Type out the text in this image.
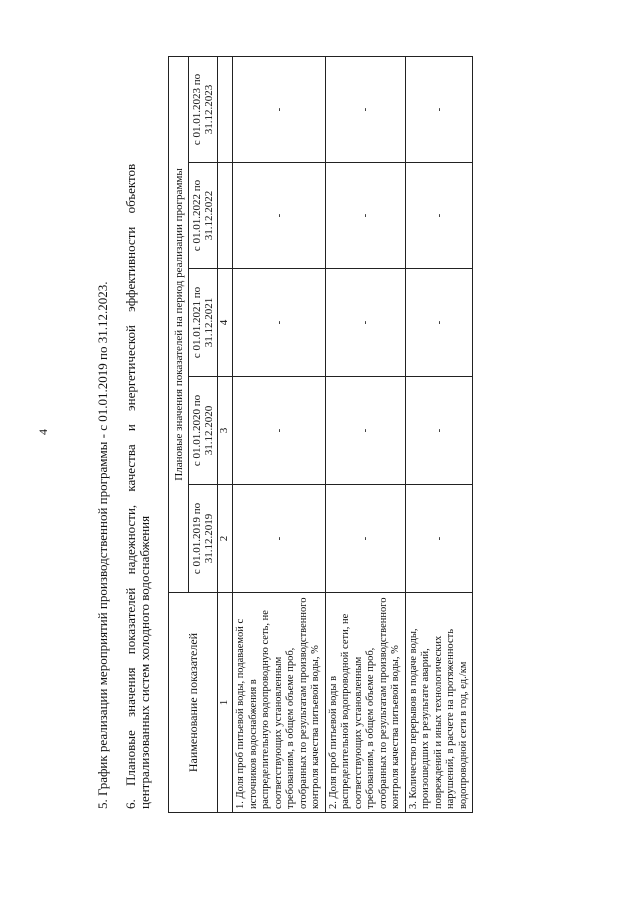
4	5. График реализации мероприятий производственной программы - с 01.01.2019 по 31.12.2023. 6. Плановые значения показателей надежности, качества и энергетической эффективности объектов централизованных систем холодного водоснабжения	Наименование показателей	Плановые значения показателей на период реализации программы				
	с 01.01.2019 по 31.12.2019	с 01.01.2020 по 31.12.2020	с 01.01.2021 по 31.12.2021	с 01.01.2022 по 31.12.2022	с 01.01.2023 по 31.12.2023
1	2	3	4		
1. Доля проб питьевой воды, подаваемой с источников водоснабжения в распределительную водопроводную сеть, не соответствующих установленным требованиям, в общем объеме проб, отобранных по результатам производственного контроля качества питьевой воды, %	-	-	-	-	-
2. Доля проб питьевой воды в распределительной водопроводной сети, не соответствующих установленным требованиям, в общем объеме проб, отобранных по результатам производственного контроля качества питьевой воды, %	-	-	-	-	-
3. Количество перерывов в подаче воды, произошедших в результате аварий, повреждений и иных технологических нарушений, в расчете на протяженность водопроводной сети в год, ед./км	-	-	-	-	-
